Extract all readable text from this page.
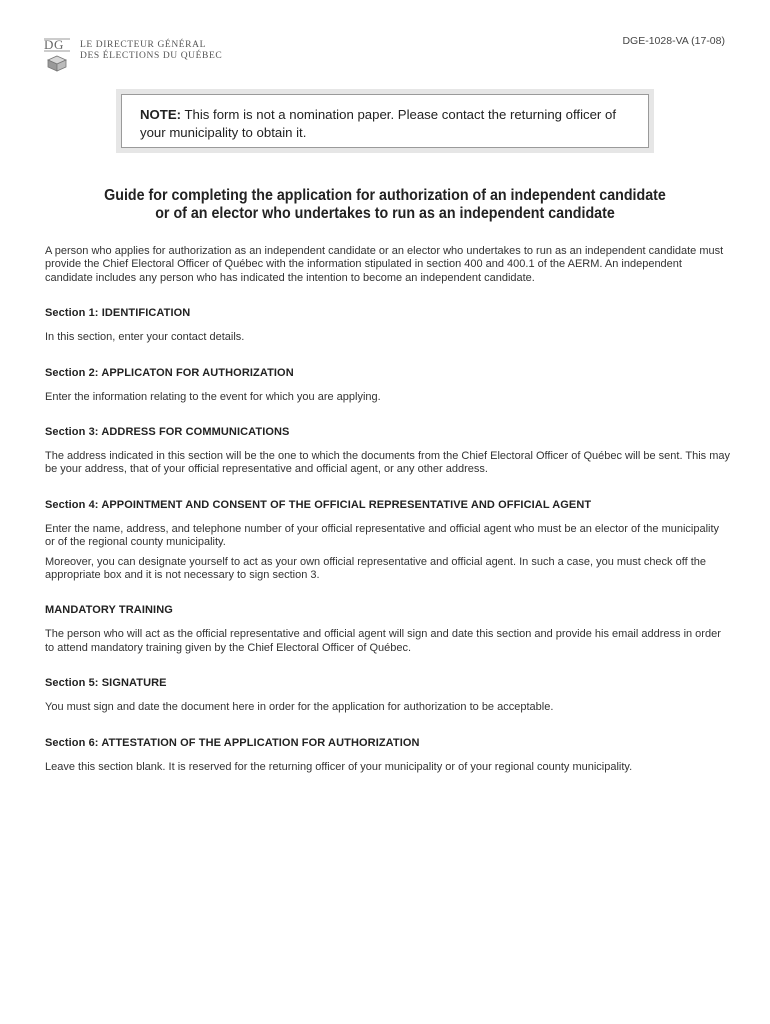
D G LE DIRECTEUR GÉNÉRAL
DES ÉLECTIONS DU QUÉBEC
DGE-1028-VA (17-08)
NOTE: This form is not a nomination paper. Please contact the returning officer of your municipality to obtain it.
Guide for completing the application for authorization of an independent candidate
or of an elector who undertakes to run as an independent candidate

A person who applies for authorization as an independent candidate or an elector who undertakes to run as an independent candidate must provide the Chief Electoral Officer of Québec with the information stipulated in section 400 and 400.1 of the AERM. An independent candidate includes any person who has indicated the intention to become an independent candidate.

Section 1: IDENTIFICATION

In this section, enter your contact details.

Section 2: APPLICATON FOR AUTHORIZATION

Enter the information relating to the event for which you are applying.

Section 3: ADDRESS FOR COMMUNICATIONS

The address indicated in this section will be the one to which the documents from the Chief Electoral Officer of Québec will be sent. This may be your address, that of your official representative and official agent, or any other address.

Section 4: APPOINTMENT AND CONSENT OF THE OFFICIAL REPRESENTATIVE AND OFFICIAL AGENT

Enter the name, address, and telephone number of your official representative and official agent who must be an elector of the municipality or of the regional county municipality.

Moreover, you can designate yourself to act as your own official representative and official agent. In such a case, you must check off the appropriate box and it is not necessary to sign section 3.

MANDATORY TRAINING

The person who will act as the official representative and official agent will sign and date this section and provide his email address in order to attend mandatory training given by the Chief Electoral Officer of Québec.

Section 5: SIGNATURE

You must sign and date the document here in order for the application for authorization to be acceptable.

Section 6: ATTESTATION OF THE APPLICATION FOR AUTHORIZATION

Leave this section blank. It is reserved for the returning officer of your municipality or of your regional county municipality.
